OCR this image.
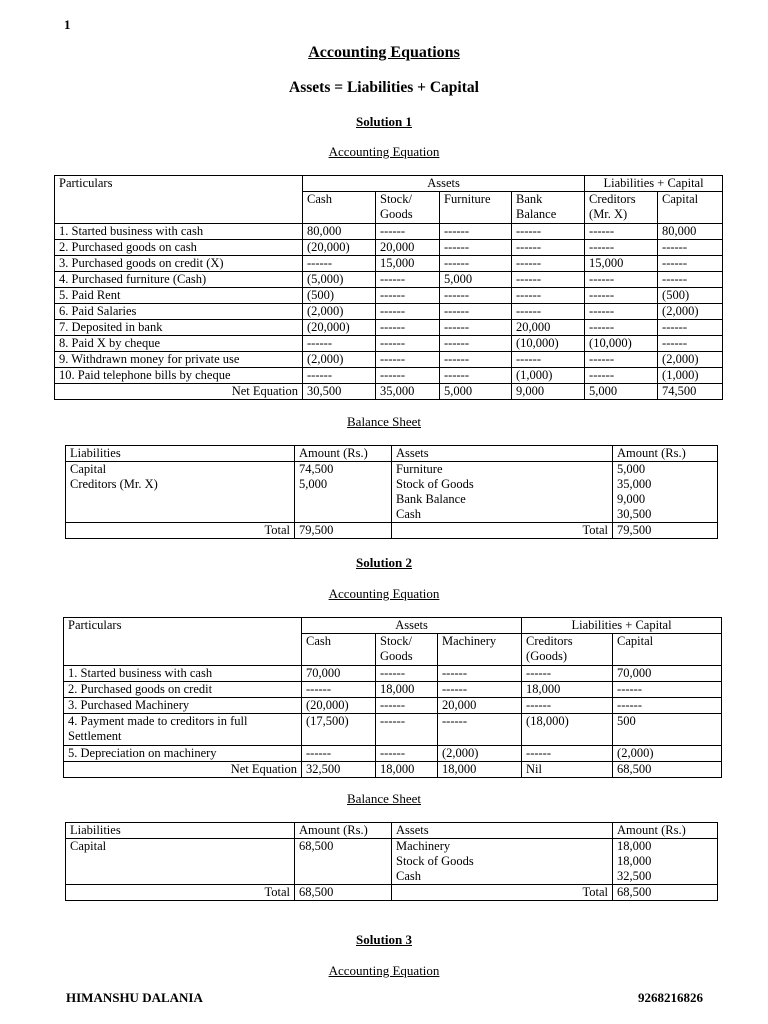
1
Accounting Equations
Assets = Liabilities + Capital
Solution 1
Accounting Equation
Particulars	Assets				Liabilities + Capital	
	Cash	Stock/ Goods	Furniture	Bank Balance	Creditors (Mr. X)	Capital
1. Started business with cash	80,000	------	------	------	------	80,000
2. Purchased goods on cash	(20,000)	20,000	------	------	------	------
3. Purchased goods on credit (X)	------	15,000	------	------	15,000	------
4. Purchased furniture (Cash)	(5,000)	------	5,000	------	------	------
5. Paid Rent	(500)	------	------	------	------	(500)
6. Paid Salaries	(2,000)	------	------	------	------	(2,000)
7. Deposited in bank	(20,000)	------	------	20,000	------	------
8. Paid X by cheque	------	------	------	(10,000)	(10,000)	------
9. Withdrawn money for private use	(2,000)	------	------	------	------	(2,000)
10. Paid telephone bills by cheque	------	------	------	(1,000)	------	(1,000)
Net Equation	30,500	35,000	5,000	9,000	5,000	74,500
Balance Sheet
Liabilities	Amount (Rs.)	Assets	Amount (Rs.)
Capital	74,500	Furniture	5,000
Creditors (Mr. X)	5,000	Stock of Goods	35,000
		Bank Balance	9,000
		Cash	30,500
Total	79,500	Total	79,500
Solution 2
Accounting Equation
Particulars	Assets			Liabilities + Capital	
	Cash	Stock/ Goods	Machinery	Creditors (Goods)	Capital
1. Started business with cash	70,000	------	------	------	70,000
2. Purchased goods on credit	------	18,000	------	18,000	------
3. Purchased Machinery	(20,000)	------	20,000	------	------
4. Payment made to creditors in full Settlement	(17,500)	------	------	(18,000)	500
5. Depreciation on machinery	------	------	(2,000)	------	(2,000)
Net Equation	32,500	18,000	18,000	Nil	68,500
Balance Sheet
Liabilities	Amount (Rs.)	Assets	Amount (Rs.)
Capital	68,500	Machinery	18,000
		Stock of Goods	18,000
		Cash	32,500
Total	68,500	Total	68,500
Solution 3
Accounting Equation
HIMANSHU DALANIA	9268216826
